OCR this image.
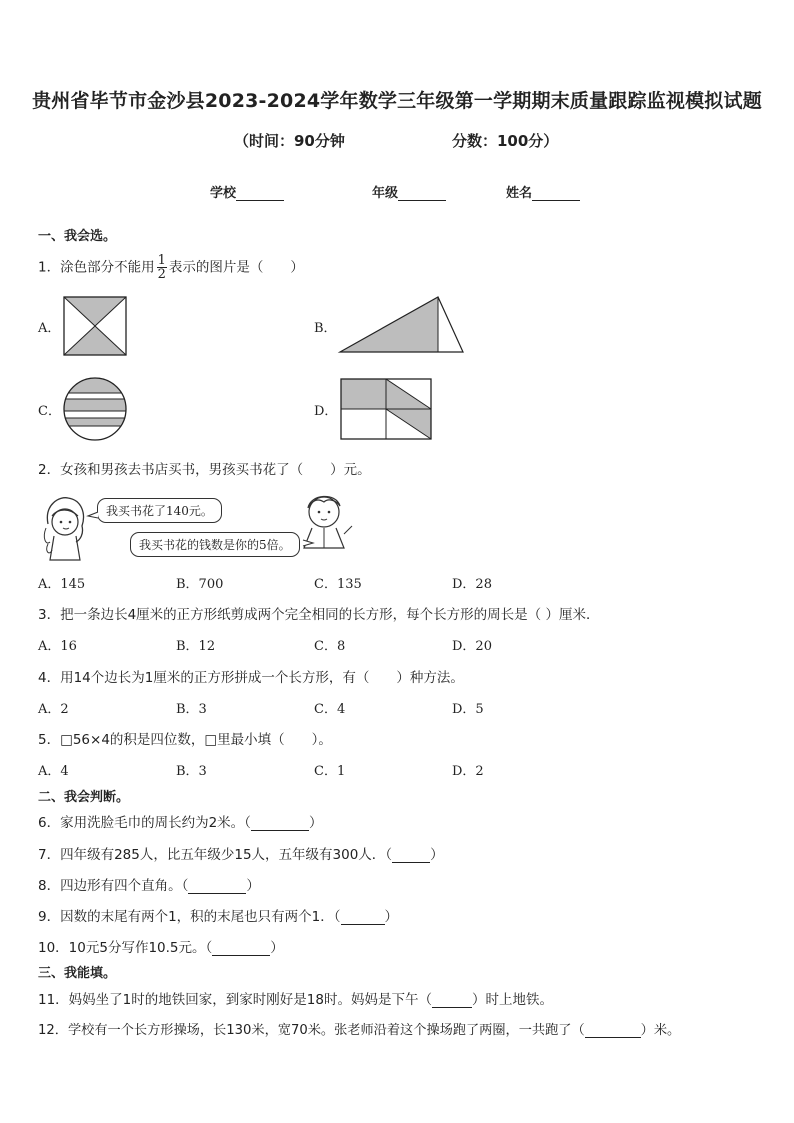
贵州省毕节市金沙县2023-2024学年数学三年级第一学期期末质量跟踪监视模拟试题
（时间：90分钟	分数：100分）
学校	年级	姓名
一、我会选。
1．涂色部分不能用 $\frac{1}{2}$ 表示的图片是（　　）
A．	B．
C．	D．
2．女孩和男孩去书店买书，男孩买书花了（　　）元。
我买书花了140元。
我买书花的钱数是你的5倍。
A．145	B．700	C．135	D．28
3．把一条边长4厘米的正方形纸剪成两个完全相同的长方形，每个长方形的周长是（ ）厘米．
A．16	B．12	C．8	D．20
4．用14个边长为1厘米的正方形拼成一个长方形，有（　　）种方法。
A．2	B．3	C．4	D．5
5．□56×4的积是四位数，□里最小填（　　）。
A．4	B．3	C．1	D．2
二、我会判断。
6．家用洗脸毛巾的周长约为2米。（	）
7．四年级有285人，比五年级少15人，五年级有300人．（	）
8．四边形有四个直角。（	）
9．因数的末尾有两个1，积的末尾也只有两个1．（	）
10．10元5分写作10.5元。（	）
三、我能填。
11．妈妈坐了1时的地铁回家，到家时刚好是18时。妈妈是下午（	）时上地铁。
12．学校有一个长方形操场，长130米，宽70米。张老师沿着这个操场跑了两圈，一共跑了（	）米。
